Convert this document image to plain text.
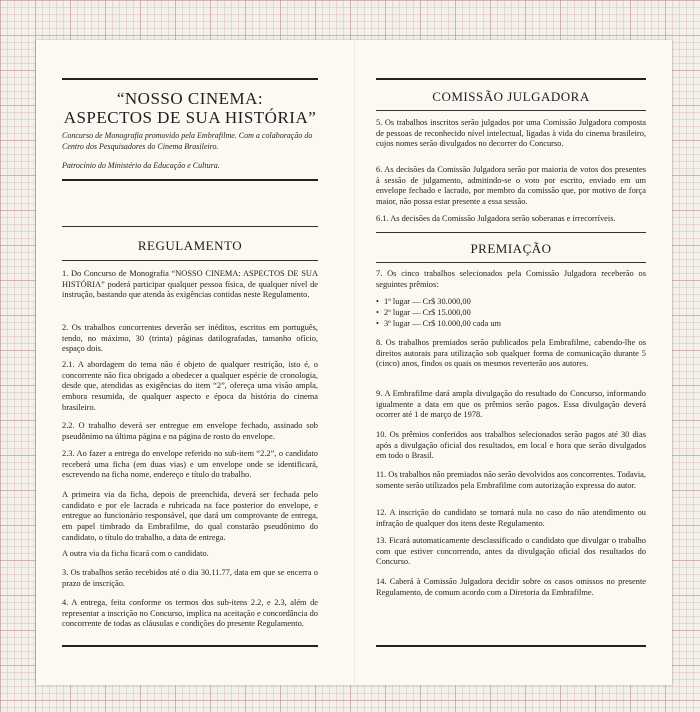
“NOSSO CINEMA:
ASPECTOS DE SUA HISTÓRIA”

Concurso de Monografia promovido pela Embrafilme. Com a colaboração do Centro dos Pesquisadores do Cinema Brasileiro.

Patrocínio do Ministério da Educação e Cultura.

REGULAMENTO

1. Do Concurso de Monografia “NOSSO CINEMA: ASPECTOS DE SUA HISTÓRIA” poderá participar qualquer pessoa física, de qualquer nível de instrução, bastando que atenda às exigências contidas neste Regulamento.

2. Os trabalhos concorrentes deverão ser inéditos, escritos em português, tendo, no máximo, 30 (trinta) páginas datilografadas, tamanho ofício, espaço dois.

2.1. A abordagem do tema não é objeto de qualquer restrição, isto é, o concorrente não fica obrigado a obedecer a qualquer espécie de cronologia, desde que, atendidas as exigências do item “2”, ofereça uma visão ampla, embora resumida, de qualquer aspecto e época da história do cinema brasileiro.

2.2. O trabalho deverá ser entregue em envelope fechado, assinado sob pseudônimo na última página e na página de rosto do envelope.

2.3. Ao fazer a entrega do envelope referido no sub-item “2.2”, o candidato receberá uma ficha (em duas vias) e um envelope onde se identificará, escrevendo na ficha nome, endereço e título do trabalho.

A primeira via da ficha, depois de preenchida, deverá ser fechada pelo candidato e por ele lacrada e rubricada na face posterior do envelope, e entregue ao funcionário responsável, que dará um comprovante de entrega, em papel timbrado da Embrafilme, do qual constarão pseudônimo do candidato, o título do trabalho, a data de entrega.

A outra via da ficha ficará com o candidato.

3. Os trabalhos serão recebidos até o dia 30.11.77, data em que se encerra o prazo de inscrição.

4. A entrega, feita conforme os termos dos sub-itens 2.2, e 2.3, além de representar a inscrição no Concurso, implica na aceitação e concordância do concorrente de todas as cláusulas e condições do presente Regulamento.

COMISSÃO JULGADORA

5. Os trabalhos inscritos serão julgados por uma Comissão Julgadora composta de pessoas de reconhecido nível intelectual, ligadas à vida do cinema brasileiro, cujos nomes serão divulgados no decorrer do Concurso.

6. As decisões da Comissão Julgadora serão por maioria de votos dos presentes à sessão de julgamento, admitindo-se o voto por escrito, enviado em um envelope fechado e lacrado, por membro da comissão que, por motivo de força maior, não possa estar presente a essa sessão.

6.1. As decisões da Comissão Julgadora serão soberanas e irrecorríveis.

PREMIAÇÃO

7. Os cinco trabalhos selecionados pela Comissão Julgadora receberão os seguintes prêmios:

• 1º lugar — Cr$ 30.000,00
• 2º lugar — Cr$ 15.000,00
• 3º lugar — Cr$ 10.000,00 cada um

8. Os trabalhos premiados serão publicados pela Embrafilme, cabendo-lhe os direitos autorais para utilização sob qualquer forma de comunicação durante 5 (cinco) anos, findos os quais os mesmos reverterão aos autores.

9. A Embrafilme dará ampla divulgação do resultado do Concurso, informando igualmente a data em que os prêmios serão pagos. Essa divulgação deverá ocorrer até 1 de março de 1978.

10. Os prêmios conferidos aos trabalhos selecionados serão pagos até 30 dias após a divulgação oficial dos resultados, em local e hora que serão divulgados em todo o Brasil.

11. Os trabalhos não premiados não serão devolvidos aos concorrentes. Todavia, somente serão utilizados pela Embrafilme com autorização expressa do autor.

12. A inscrição do candidato se tornará nula no caso do não atendimento ou infração de qualquer dos itens deste Regulamento.

13. Ficará automaticamente desclassificado o candidato que divulgar o trabalho com que estiver concorrendo, antes da divulgação oficial dos resultados do Concurso.

14. Caberá à Comissão Julgadora decidir sobre os casos omissos no presente Regulamento, de comum acordo com a Diretoria da Embrafilme.
